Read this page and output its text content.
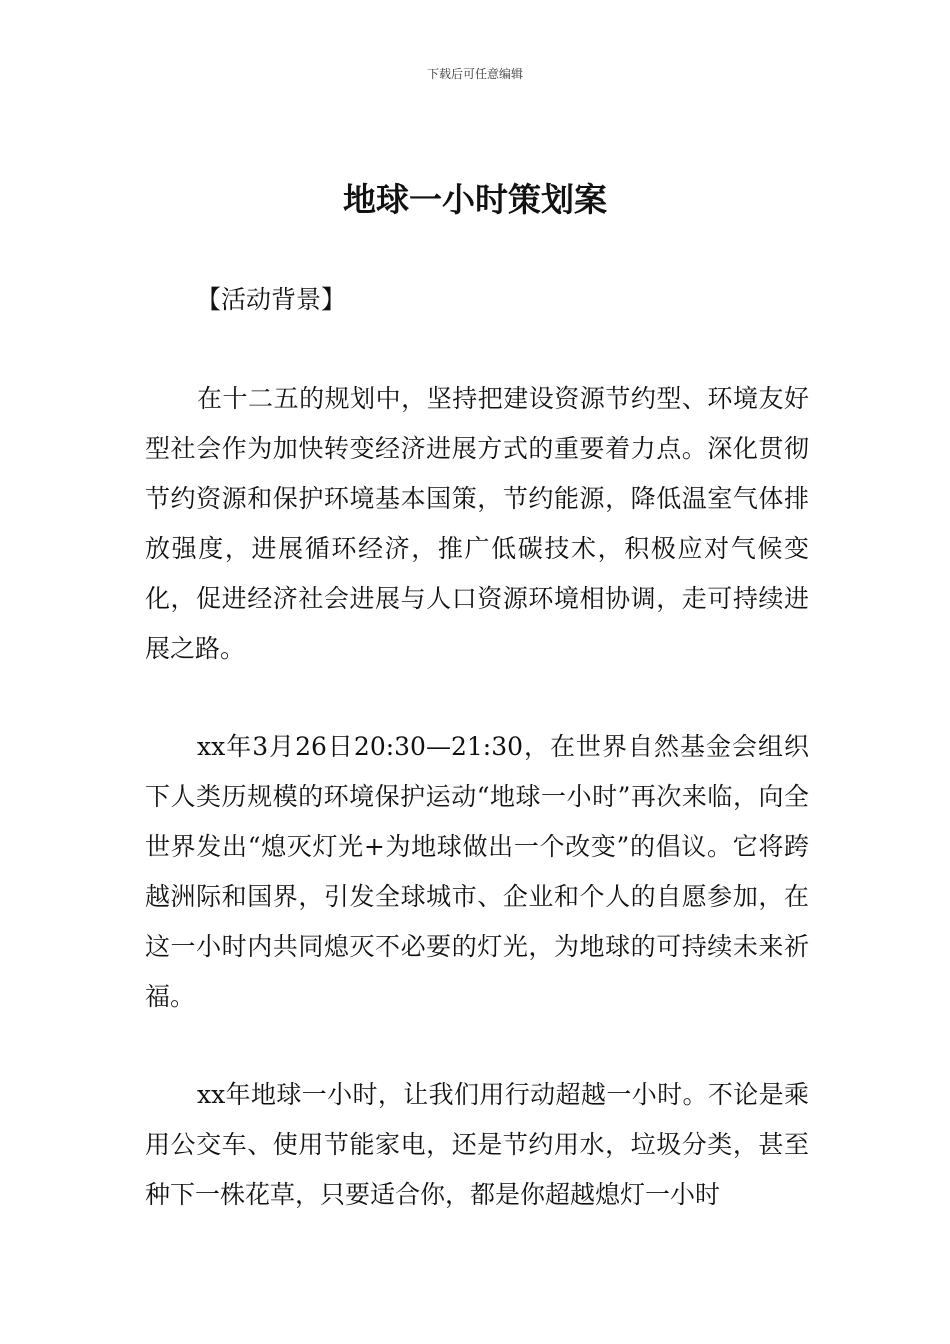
下载后可任意编辑
地球一小时策划案
【活动背景】

在十二五的规划中，坚持把建设资源节约型、环境友好型社会作为加快转变经济进展方式的重要着力点。深化贯彻节约资源和保护环境基本国策，节约能源，降低温室气体排放强度，进展循环经济，推广低碳技术，积极应对气候变化，促进经济社会进展与人口资源环境相协调，走可持续进展之路。

xx年3月26日20:30—21:30，在世界自然基金会组织下人类历规模的环境保护运动“地球一小时”再次来临，向全世界发出“熄灭灯光+为地球做出一个改变”的倡议。它将跨越洲际和国界，引发全球城市、企业和个人的自愿参加，在这一小时内共同熄灭不必要的灯光，为地球的可持续未来祈福。

xx年地球一小时，让我们用行动超越一小时。不论是乘用公交车、使用节能家电，还是节约用水，垃圾分类，甚至种下一株花草，只要适合你，都是你超越熄灯一小时
